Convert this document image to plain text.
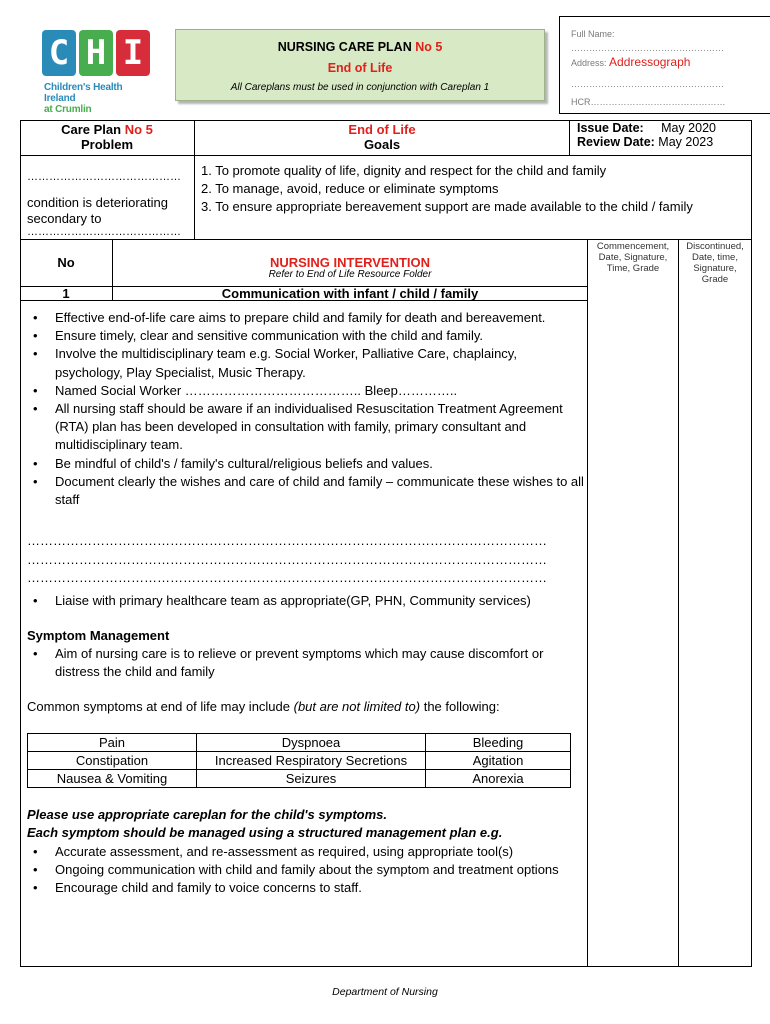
C H I
Children's Health Ireland
at Crumlin
NURSING CARE PLAN No 5
End of Life
All Careplans must be used in conjunction with Careplan 1
Full Name:
……………………………………………
Address: Addressograph
……………………………………………
HCR………………………………………
Care Plan No 5
Problem
End of Life
Goals
Issue Date: May 2020
Review Date: May 2023
……………………………………
condition is deteriorating secondary to
……………………………………
1. To promote quality of life, dignity and respect for the child and family
2. To manage, avoid, reduce or eliminate symptoms
3. To ensure appropriate bereavement support are made available to the child / family
No	NURSING INTERVENTION
Refer to End of Life Resource Folder
Commencement, Date, Signature, Time, Grade
Discontinued, Date, time, Signature, Grade
1	Communication with infant / child / family
• Effective end-of-life care aims to prepare child and family for death and bereavement.
• Ensure timely, clear and sensitive communication with the child and family.
• Involve the multidisciplinary team e.g. Social Worker, Palliative Care, chaplaincy, psychology, Play Specialist, Music Therapy.
• Named Social Worker ………………………………….. Bleep…………..
• All nursing staff should be aware if an individualised Resuscitation Treatment Agreement (RTA) plan has been developed in consultation with family, primary consultant and multidisciplinary team.
• Be mindful of child's / family's cultural/religious beliefs and values.
• Document clearly the wishes and care of child and family – communicate these wishes to all staff
…………………………………………………………………………………………………………
…………………………………………………………………………………………………………
…………………………………………………………………………………………………………
• Liaise with primary healthcare team as appropriate(GP, PHN, Community services)
Symptom Management
• Aim of nursing care is to relieve or prevent symptoms which may cause discomfort or distress the child and family
Common symptoms at end of life may include (but are not limited to) the following:
Pain	Dyspnoea	Bleeding
Constipation	Increased Respiratory Secretions	Agitation
Nausea & Vomiting	Seizures	Anorexia
Please use appropriate careplan for the child's symptoms.
Each symptom should be managed using a structured management plan e.g.
• Accurate assessment, and re-assessment as required, using appropriate tool(s)
• Ongoing communication with child and family about the symptom and treatment options
• Encourage child and family to voice concerns to staff.
Department of Nursing
